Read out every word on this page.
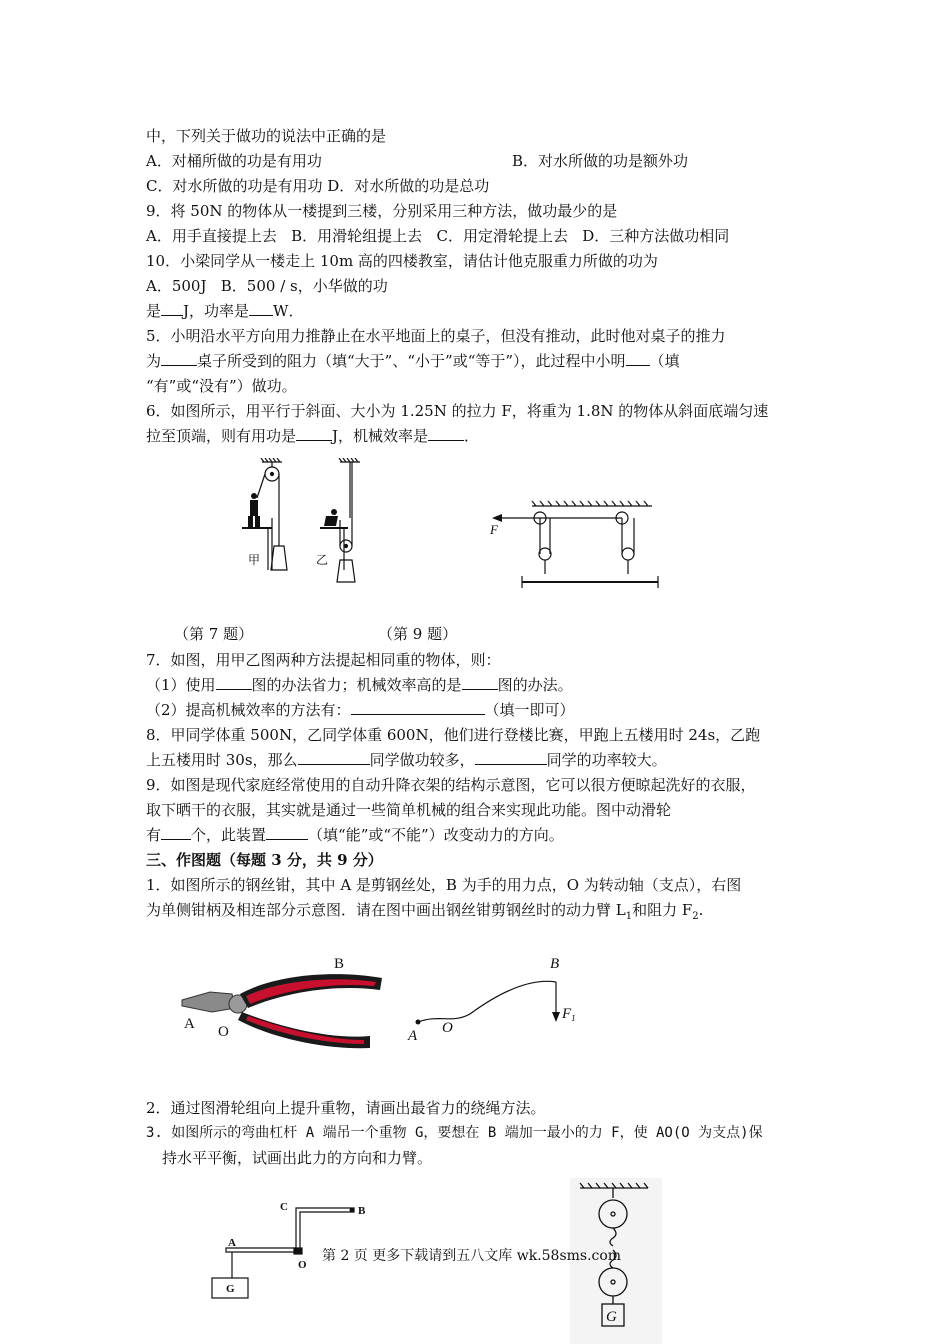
中，下列关于做功的说法中正确的是
A．对桶所做的功是有用功	B．对水所做的功是额外功
C．对水所做的功是有用功 D．对水所做的功是总功
9．将 50N 的物体从一楼提到三楼，分别采用三种方法，做功最少的是
A．用手直接提上去   B．用滑轮组提上去   C．用定滑轮提上去   D．三种方法做功相同
10．小梁同学从一楼走上 10m 高的四楼教室，请估计他克服重力所做的功为
A．500J   B．500 / s，小华做的功
是 J，功率是 W．
5．小明沿水平方向用力推静止在水平地面上的桌子，但没有推动，此时他对桌子的推力
为 桌子所受到的阻力（填“大于”、“小于”或“等于”），此过程中小明 （填
“有”或“没有”）做功。
6．如图所示，用平行于斜面、大小为 1.25N 的拉力 F，将重为 1.8N 的物体从斜面底端匀速
拉至顶端，则有用功是 J，机械效率是 ．
甲	乙
F
（第 7 题）	（第 9 题）
7．如图，用甲乙图两种方法提起相同重的物体，则：
（1）使用 图的办法省力；机械效率高的是 图的办法。
（2）提高机械效率的方法有：	（填一即可）
8．甲同学体重 500N，乙同学体重 600N，他们进行登楼比赛，甲跑上五楼用时 24s，乙跑
上五楼用时 30s，那么	同学做功较多，	同学的功率较大。
9．如图是现代家庭经常使用的自动升降衣架的结构示意图，它可以很方便晾起洗好的衣服，
取下晒干的衣服，其实就是通过一些简单机械的组合来实现此功能。图中动滑轮
有 个，此装置	（填“能”或“不能”）改变动力的方向。
三、作图题（每题 3 分，共 9 分）
1．如图所示的钢丝钳，其中 A 是剪钢丝处，B 为手的用力点，O 为转动轴（支点），右图
为单侧钳柄及相连部分示意图．请在图中画出钢丝钳剪钢丝时的动力臂 $L_1$和阻力 $F_2$.
B
A O
B
$F_1$
A O
2．通过图滑轮组向上提升重物，请画出最省力的绕绳方法。
3. 如图所示的弯曲杠杆 A 端吊一个重物 G，要想在 B 端加一最小的力 F，使 AO(O 为支点)保
持水平平衡，试画出此力的方向和力臂。
C	B
A
O
G
G
第 2 页 更多下载请到五八文库 wk.58sms.com
